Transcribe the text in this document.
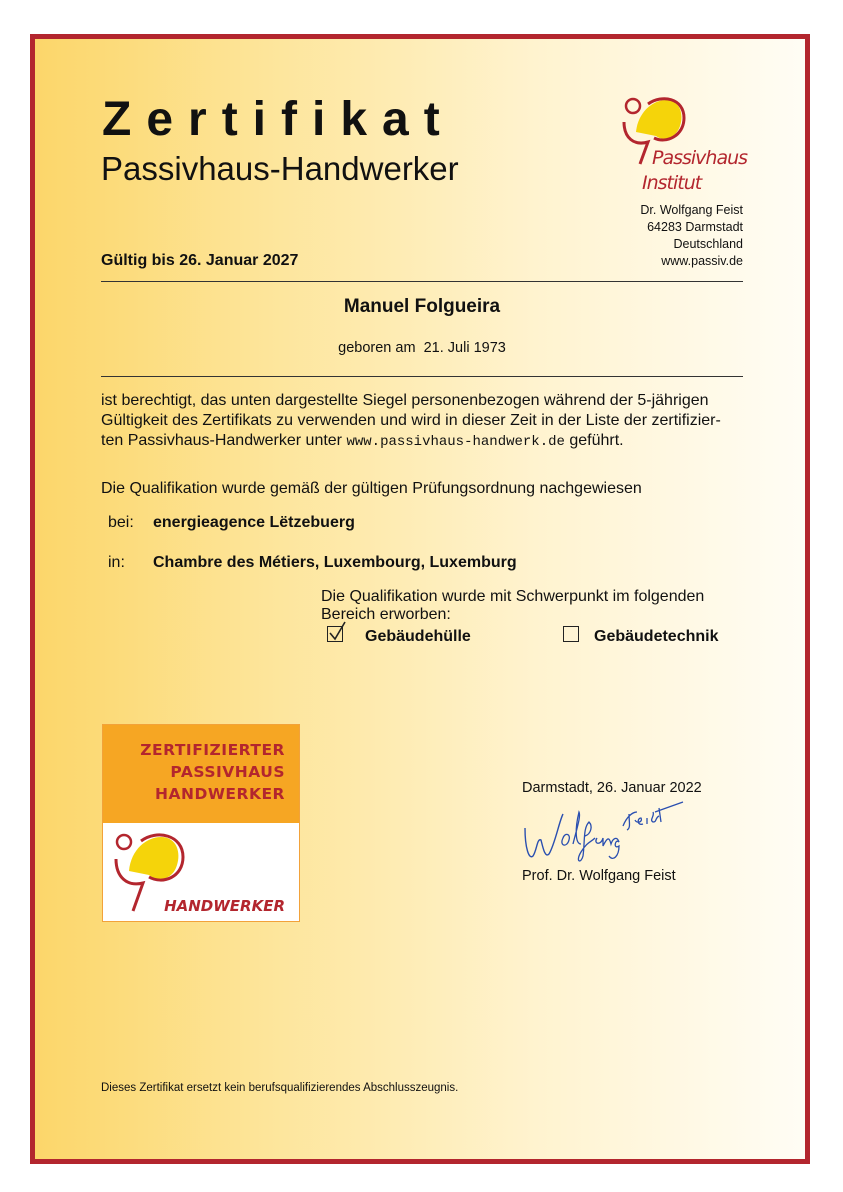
Zertifikat
Passivhaus-Handwerker	Passivhaus
Institut
Dr. Wolfgang Feist
64283 Darmstadt
Deutschland
www.passiv.de
Gültig bis 26. Januar 2027
Manuel Folgueira
geboren am 21. Juli 1973
ist berechtigt, das unten dargestellte Siegel personenbezogen während der 5-jährigen
Gültigkeit des Zertifikats zu verwenden und wird in dieser Zeit in der Liste der zertifizier-
ten Passivhaus-Handwerker unter www.passivhaus-handwerk.de geführt.
Die Qualifikation wurde gemäß der gültigen Prüfungsordnung nachgewiesen
bei: energieagence Lëtzebuerg
in: Chambre des Métiers, Luxembourg, Luxemburg
Die Qualifikation wurde mit Schwerpunkt im folgenden Bereich erworben:
Gebäudehülle	Gebäudetechnik
ZERTIFIZIERTER
PASSIVHAUS
HANDWERKER
HANDWERKER
Darmstadt, 26. Januar 2022
Prof. Dr. Wolfgang Feist
Dieses Zertifikat ersetzt kein berufsqualifizierendes Abschlusszeugnis.
